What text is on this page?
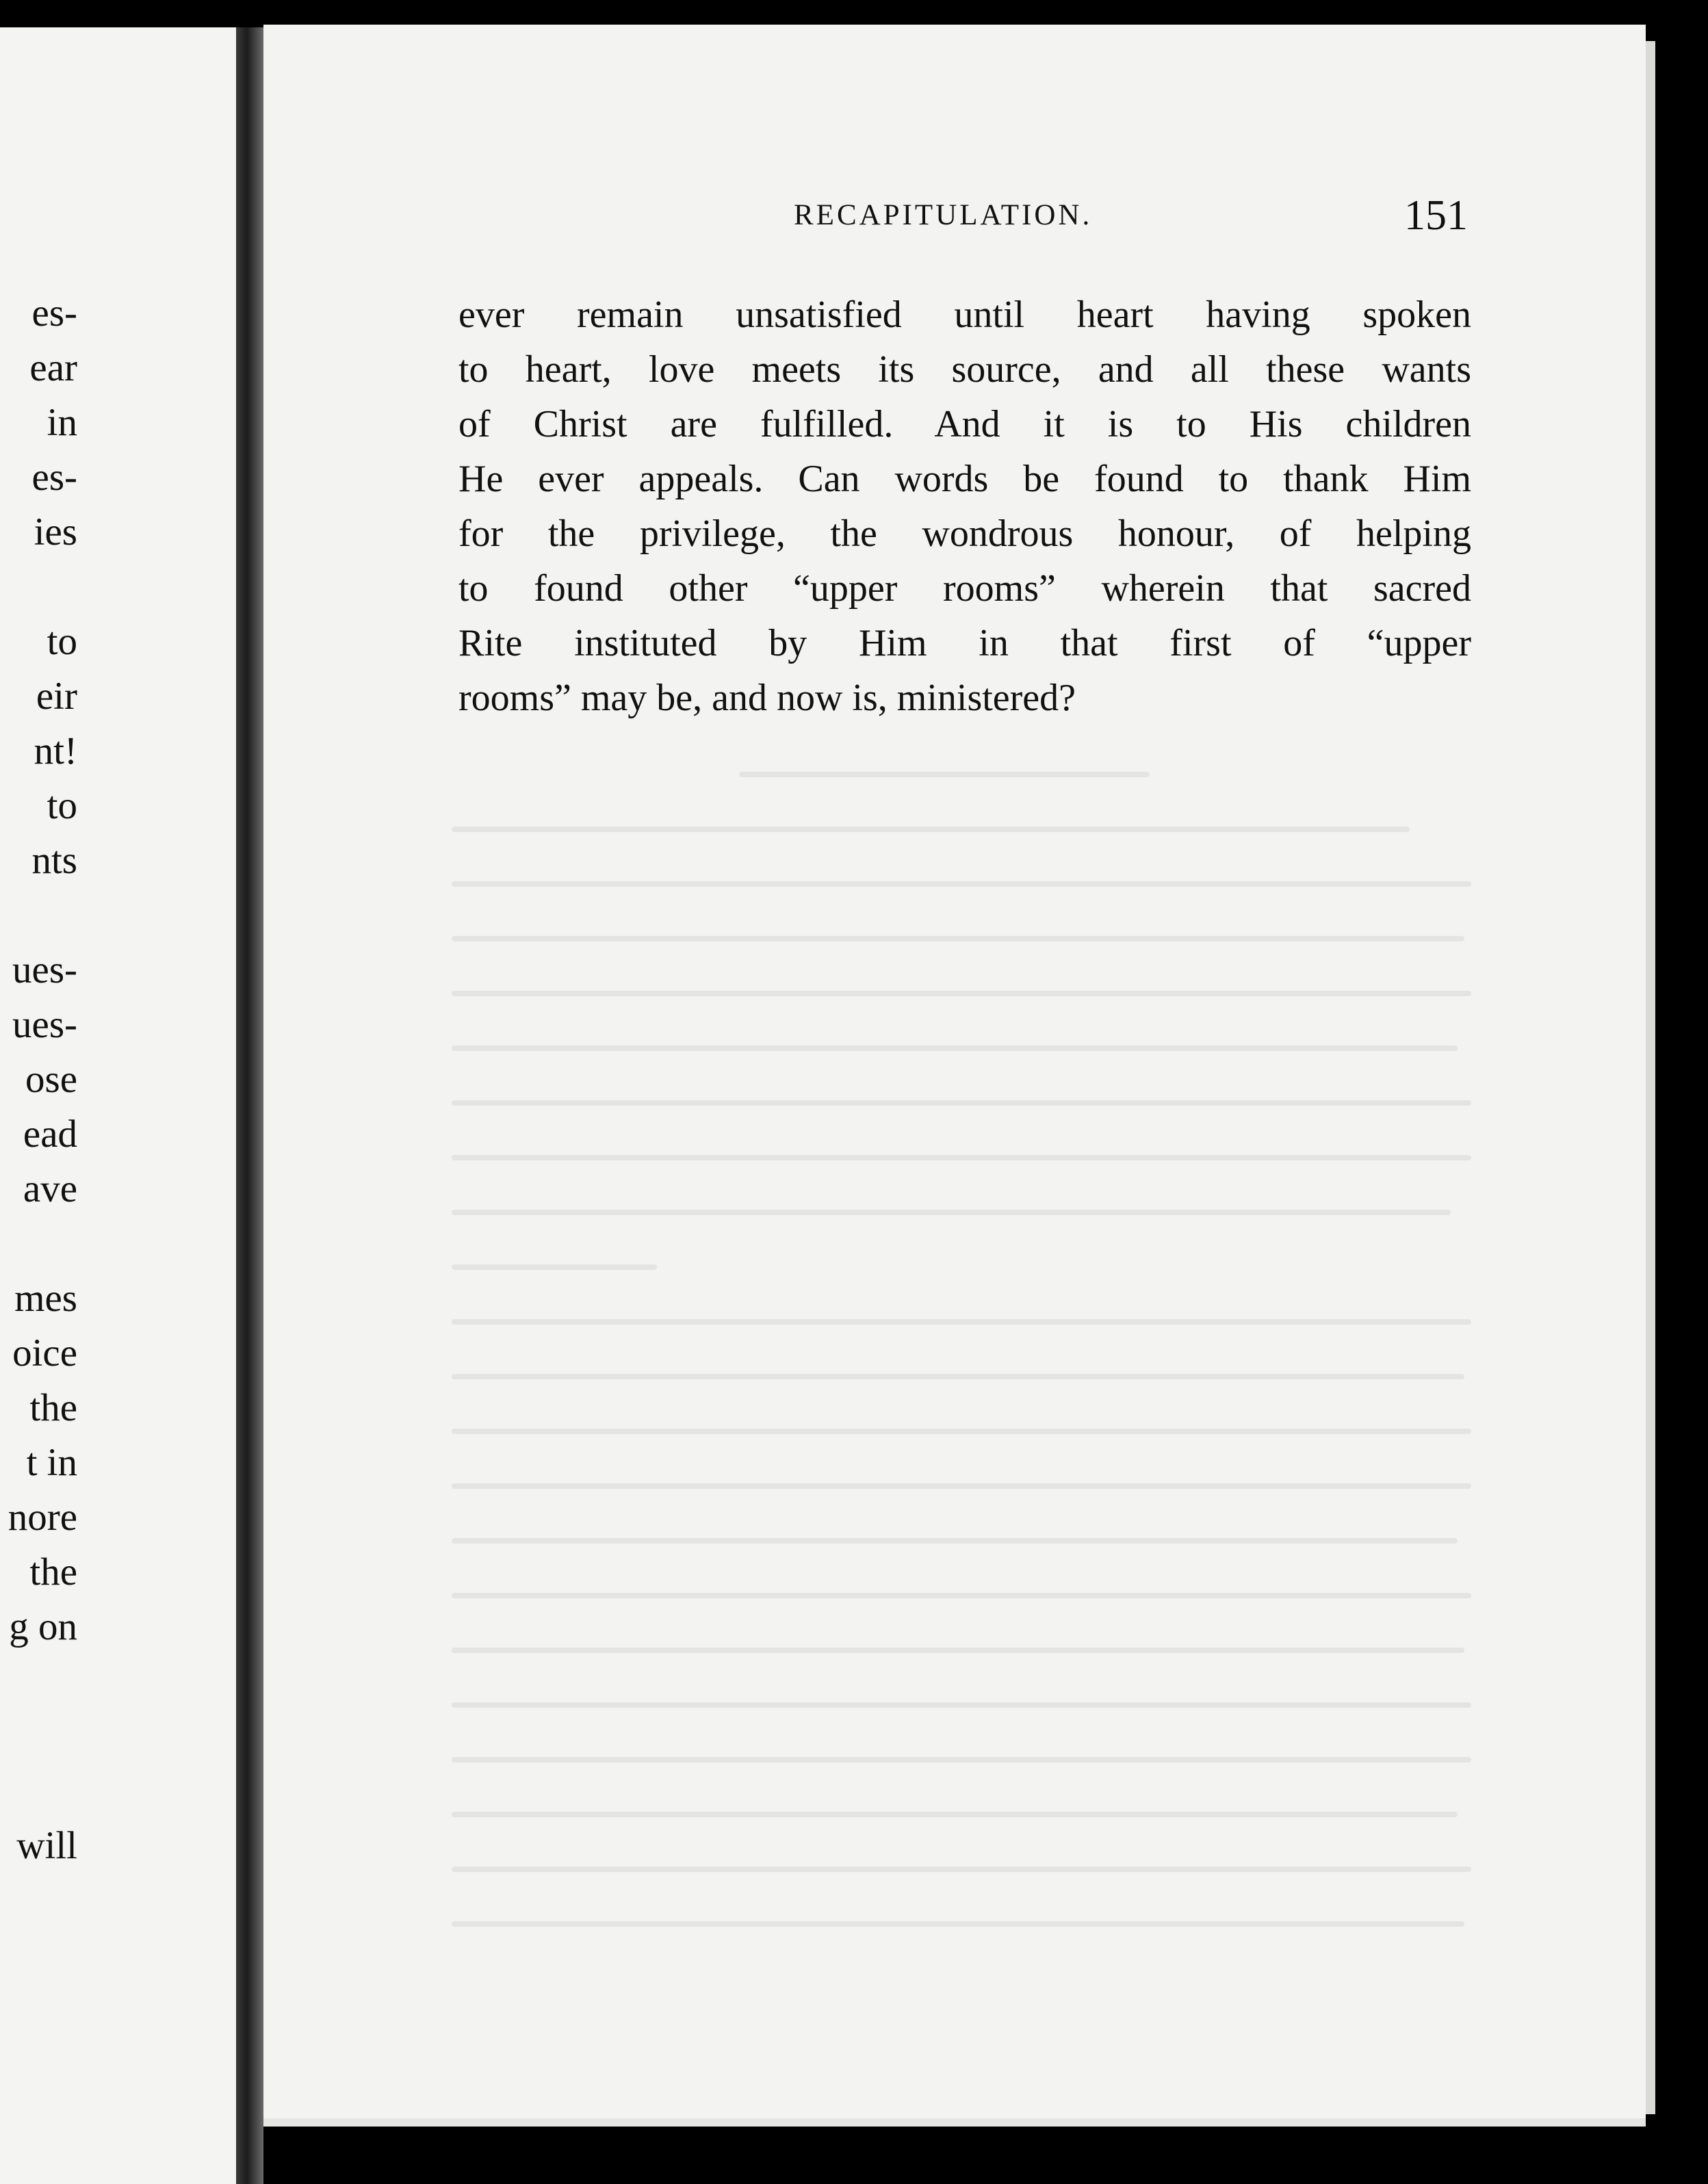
es-
ear
in
es-
ies
to
eir
nt!
to
nts
ues-
ues-
ose
ead
ave
mes
oice
the
t in
nore
the
g on
will
RECAPITULATION.	151
ever remain unsatisfied until heart having spoken
to heart, love meets its source, and all these wants
of Christ are fulfilled. And it is to His children
He ever appeals. Can words be found to thank Him
for the privilege, the wondrous honour, of helping
to found other “upper rooms” wherein that sacred
Rite instituted by Him in that first of “upper
rooms” may be, and now is, ministered?
